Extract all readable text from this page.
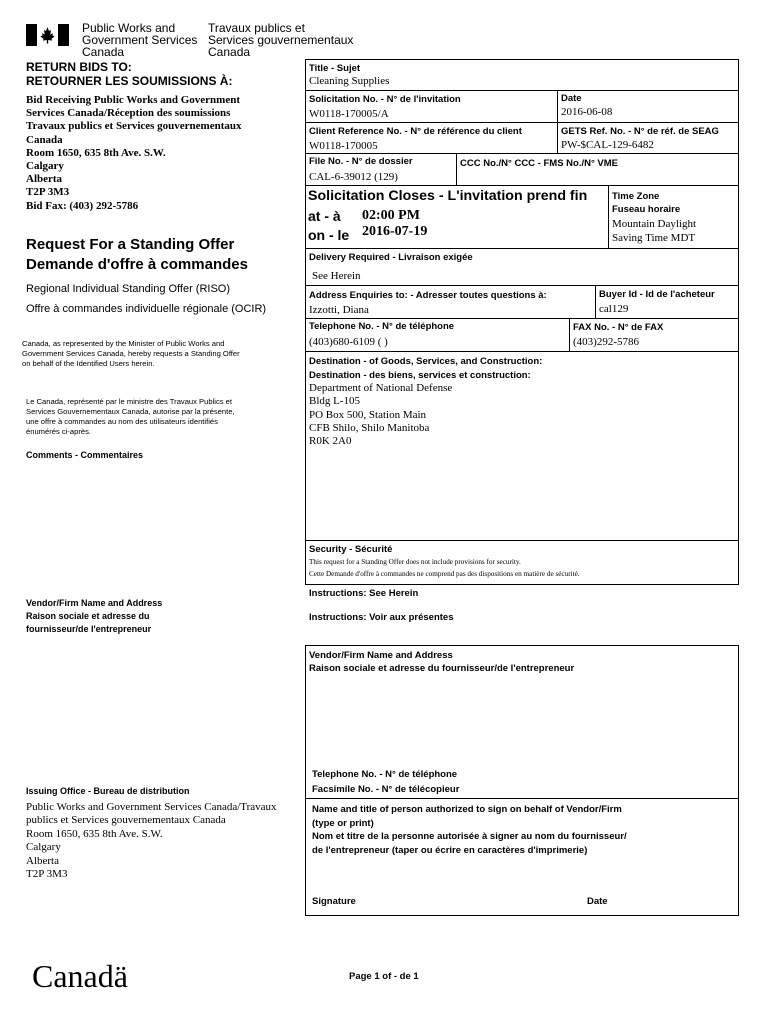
Public Works and
Government Services
Canada
Travaux publics et
Services gouvernementaux
Canada
RETURN BIDS TO:
RETOURNER LES SOUMISSIONS À:
Bid Receiving Public Works and Government
Services Canada/Réception des soumissions
Travaux publics et Services gouvernementaux
Canada
Room 1650, 635 8th Ave. S.W.
Calgary
Alberta
T2P 3M3
Bid Fax: (403) 292-5786
Request For a Standing Offer
Demande d'offre à commandes
Regional Individual Standing Offer (RISO)
Offre à commandes individuelle régionale (OCIR)
Canada, as represented by the Minister of Public Works and
Government Services Canada, hereby requests a Standing Offer
on behalf of the Identified Users herein.
Le Canada, représenté par le ministre des Travaux Publics et
Services Gouvernementaux Canada, autorise par la présente,
une offre à commandes au nom des utilisateurs identifiés
énumérés ci-après.
Comments - Commentaires
Vendor/Firm Name and Address
Raison sociale et adresse du
fournisseur/de l'entrepreneur
Issuing Office - Bureau de distribution
Public Works and Government Services Canada/Travaux
publics et Services gouvernementaux Canada
Room 1650, 635 8th Ave. S.W.
Calgary
Alberta
T2P 3M3
Title - Sujet
Cleaning Supplies
Solicitation No. - N° de l'invitation
W0118-170005/A
Date
2016-06-08
Client Reference No. - N° de référence du client
W0118-170005
GETS Ref. No. - N° de réf. de SEAG
PW-$CAL-129-6482
File No. - N° de dossier
CAL-6-39012 (129)
CCC No./N° CCC - FMS No./N° VME
Solicitation Closes - L'invitation prend fin
at - à 02:00 PM
on - le 2016-07-19
Time Zone
Fuseau horaire
Mountain Daylight
Saving Time MDT
Delivery Required - Livraison exigée
See Herein
Address Enquiries to: - Adresser toutes questions à:
Izzotti, Diana
Buyer Id - Id de l'acheteur
cal129
Telephone No. - N° de téléphone
(403)680-6109 ( )
FAX No. - N° de FAX
(403)292-5786
Destination - of Goods, Services, and Construction:
Destination - des biens, services et construction:
Department of National Defense
Bldg L-105
PO Box 500, Station Main
CFB Shilo, Shilo Manitoba
R0K 2A0
Security - Sécurité
This request for a Standing Offer does not include provisions for security.
Cette Demande d'offre à commandes ne comprend pas des dispositions en matière de sécurité.
Instructions: See Herein
Instructions: Voir aux présentes
Vendor/Firm Name and Address
Raison sociale et adresse du fournisseur/de l'entrepreneur
Telephone No. - N° de téléphone
Facsimile No. - N° de télécopieur
Name and title of person authorized to sign on behalf of Vendor/Firm
(type or print)
Nom et titre de la personne autorisée à signer au nom du fournisseur/
de l'entrepreneur (taper ou écrire en caractères d'imprimerie)
Signature	Date
Canadä	Page 1 of - de 1
